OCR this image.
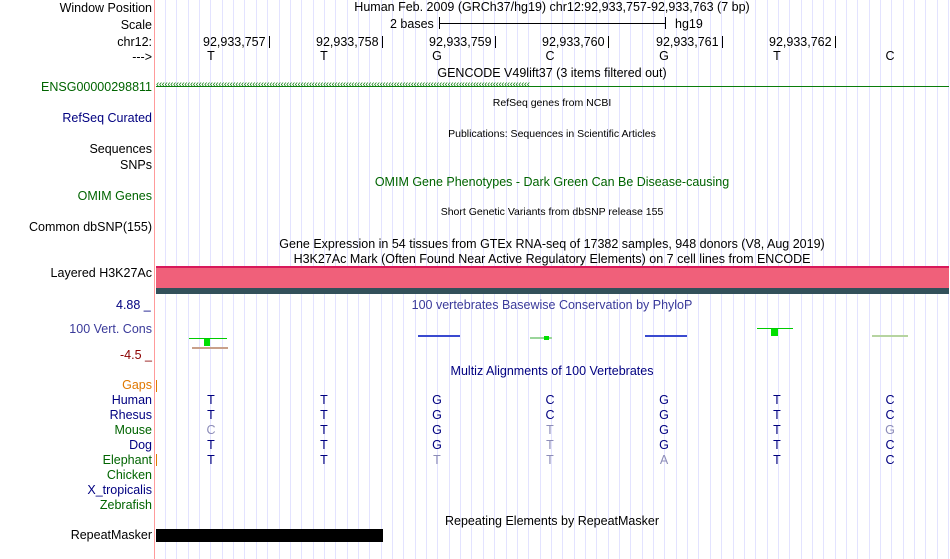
Window Position	Human Feb. 2009 (GRCh37/hg19) chr12:92,933,757-92,933,763 (7 bp)
Scale	2 bases	hg19
chr12:	92,933,757	92,933,758	92,933,759	92,933,760	92,933,761	92,933,762
--->	T	T	G	C	G	T	C
GENCODE V49lift37 (3 items filtered out)
ENSG00000298811 ‹‹‹‹‹‹‹‹‹‹‹‹‹‹‹‹‹‹‹‹‹‹‹‹‹‹‹‹‹‹‹‹‹‹‹‹‹‹‹‹‹‹‹‹‹‹‹‹‹‹‹‹‹‹‹‹‹‹‹‹‹‹‹‹‹‹‹‹‹‹‹‹‹‹‹‹‹‹‹‹‹‹‹‹‹‹‹‹‹‹‹‹‹‹‹‹‹‹‹‹‹‹‹‹‹‹‹‹‹‹‹‹‹‹‹‹‹‹‹‹‹‹‹‹‹‹‹‹‹‹‹‹
RefSeq genes from NCBI
RefSeq Curated
Publications: Sequences in Scientific Articles
Sequences
SNPs
OMIM Gene Phenotypes - Dark Green Can Be Disease-causing
OMIM Genes
Short Genetic Variants from dbSNP release 155
Common dbSNP(155)
Gene Expression in 54 tissues from GTEx RNA-seq of 17382 samples, 948 donors (V8, Aug 2019)
H3K27Ac Mark (Often Found Near Active Regulatory Elements) on 7 cell lines from ENCODE
Layered H3K27Ac
4.88 _	100 vertebrates Basewise Conservation by PhyloP
100 Vert. Cons
-4.5 _
Multiz Alignments of 100 Vertebrates
Gaps
Human	T	T	G	C	G	T	C
Rhesus	T	T	G	C	G	T	C
Mouse	C	T	G	T	G	T	G
Dog	T	T	G	T	G	T	C
Elephant	T	T	T	T	A	T	C
Chicken
X_tropicalis
Zebrafish
Repeating Elements by RepeatMasker
RepeatMasker
